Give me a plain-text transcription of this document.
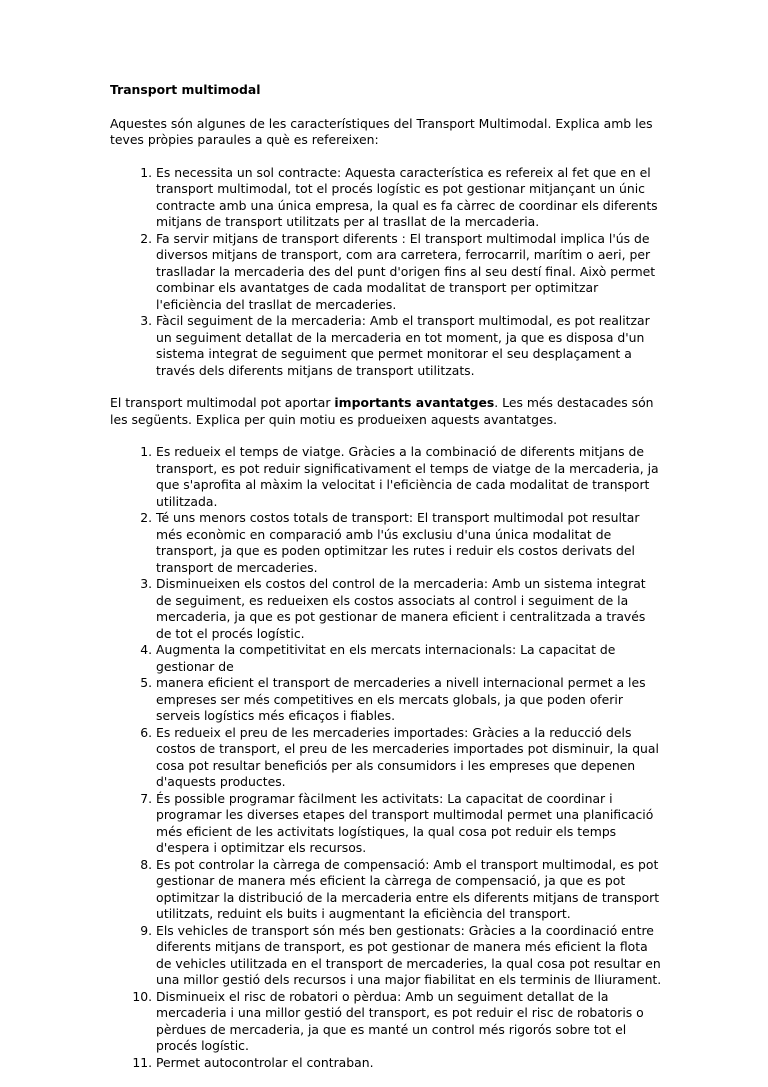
Transport multimodal
Aquestes són algunes de les característiques del Transport Multimodal. Explica amb les teves pròpies paraules a què es refereixen:
1. Es necessita un sol contracte: Aquesta característica es refereix al fet que en el transport multimodal, tot el procés logístic es pot gestionar mitjançant un únic contracte amb una única empresa, la qual es fa càrrec de coordinar els diferents mitjans de transport utilitzats per al trasllat de la mercaderia.
2. Fa servir mitjans de transport diferents : El transport multimodal implica l'ús de diversos mitjans de transport, com ara carretera, ferrocarril, marítim o aeri, per traslladar la mercaderia des del punt d'origen fins al seu destí final. Això permet combinar els avantatges de cada modalitat de transport per optimitzar l'eficiència del trasllat de mercaderies.
3. Fàcil seguiment de la mercaderia: Amb el transport multimodal, es pot realitzar un seguiment detallat de la mercaderia en tot moment, ja que es disposa d'un sistema integrat de seguiment que permet monitorar el seu desplaçament a través dels diferents mitjans de transport utilitzats.
El transport multimodal pot aportar importants avantatges. Les més destacades són les següents. Explica per quin motiu es produeixen aquests avantatges.
1. Es redueix el temps de viatge. Gràcies a la combinació de diferents mitjans de transport, es pot reduir significativament el temps de viatge de la mercaderia, ja que s'aprofita al màxim la velocitat i l'eficiència de cada modalitat de transport utilitzada.
2. Té uns menors costos totals de transport: El transport multimodal pot resultar més econòmic en comparació amb l'ús exclusiu d'una única modalitat de transport, ja que es poden optimitzar les rutes i reduir els costos derivats del transport de mercaderies.
3. Disminueixen els costos del control de la mercaderia: Amb un sistema integrat de seguiment, es redueixen els costos associats al control i seguiment de la mercaderia, ja que es pot gestionar de manera eficient i centralitzada a través de tot el procés logístic.
4. Augmenta la competitivitat en els mercats internacionals: La capacitat de gestionar de
5. manera eficient el transport de mercaderies a nivell internacional permet a les empreses ser més competitives en els mercats globals, ja que poden oferir serveis logístics més eficaços i fiables.
6. Es redueix el preu de les mercaderies importades: Gràcies a la reducció dels costos de transport, el preu de les mercaderies importades pot disminuir, la qual cosa pot resultar beneficiós per als consumidors i les empreses que depenen d'aquests productes.
7. És possible programar fàcilment les activitats: La capacitat de coordinar i programar les diverses etapes del transport multimodal permet una planificació més eficient de les activitats logístiques, la qual cosa pot reduir els temps d'espera i optimitzar els recursos.
8. Es pot controlar la càrrega de compensació: Amb el transport multimodal, es pot gestionar de manera més eficient la càrrega de compensació, ja que es pot optimitzar la distribució de la mercaderia entre els diferents mitjans de transport utilitzats, reduint els buits i augmentant la eficiència del transport.
9. Els vehicles de transport són més ben gestionats: Gràcies a la coordinació entre diferents mitjans de transport, es pot gestionar de manera més eficient la flota de vehicles utilitzada en el transport de mercaderies, la qual cosa pot resultar en una millor gestió dels recursos i una major fiabilitat en els terminis de lliurament.
10. Disminueix el risc de robatori o pèrdua: Amb un seguiment detallat de la mercaderia i una millor gestió del transport, es pot reduir el risc de robatoris o pèrdues de mercaderia, ja que es manté un control més rigorós sobre tot el procés logístic.
11. Permet autocontrolar el contraban.
